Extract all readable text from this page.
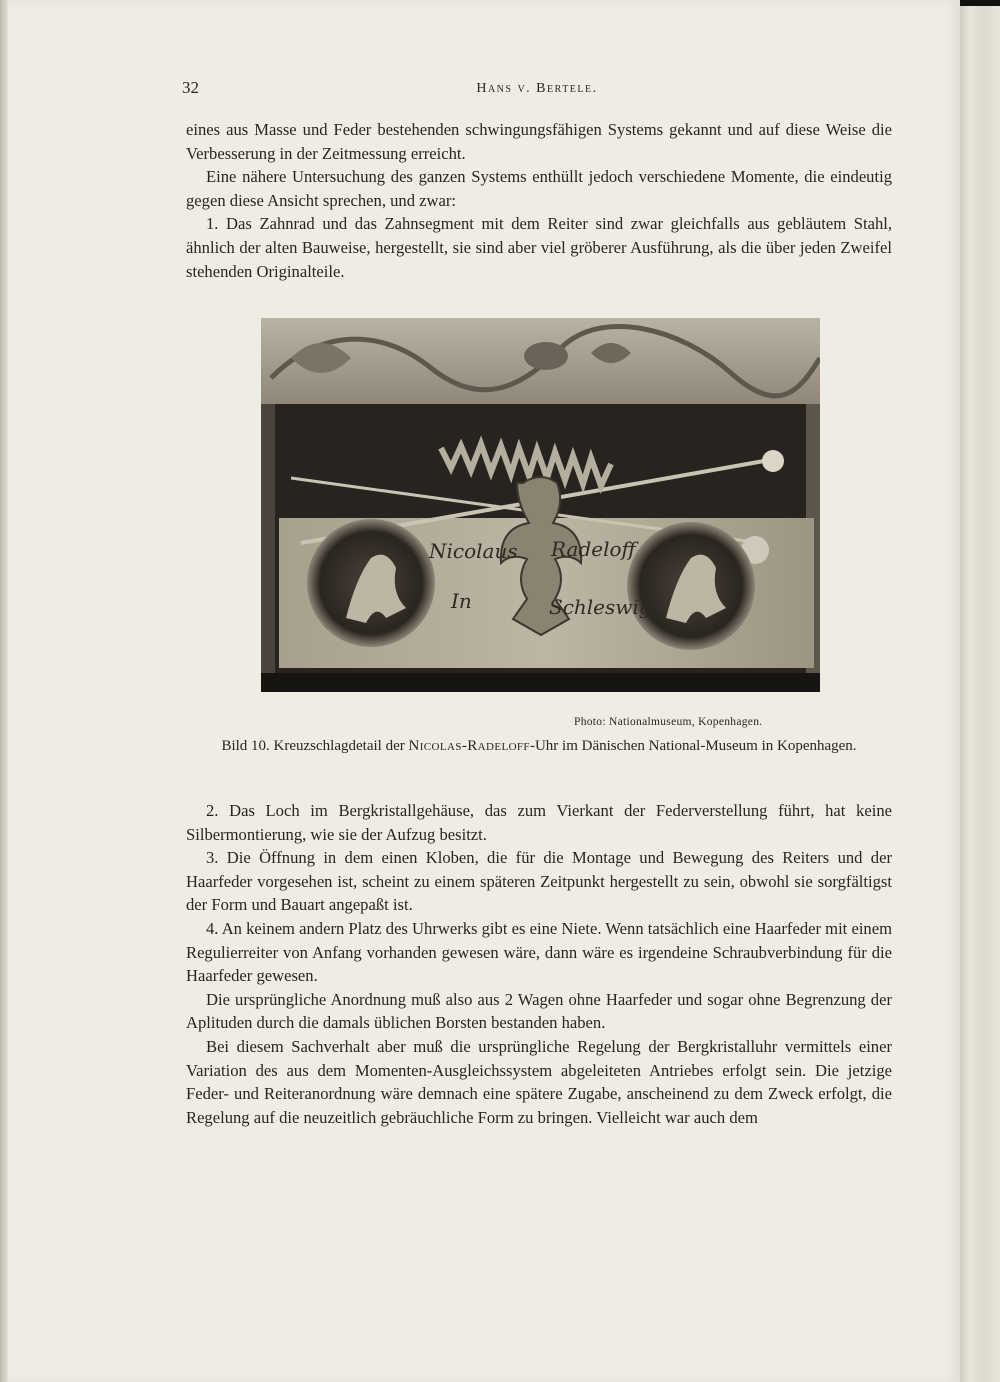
32	Hans v. Bertele.

eines aus Masse und Feder bestehenden schwingungsfähigen Systems gekannt und auf diese Weise die Verbesserung in der Zeitmessung erreicht.

Eine nähere Untersuchung des ganzen Systems enthüllt jedoch verschiedene Momente, die eindeutig gegen diese Ansicht sprechen, und zwar:

1. Das Zahnrad und das Zahnsegment mit dem Reiter sind zwar gleichfalls aus gebläutem Stahl, ähnlich der alten Bauweise, hergestellt, sie sind aber viel gröberer Ausführung, als die über jeden Zweifel stehenden Originalteile.

Nicolaus Radeloff
In	Schleswig
Photo: Nationalmuseum, Kopenhagen.
Bild 10. Kreuzschlagdetail der Nicolas-Radeloff-Uhr im Dänischen National-Museum in Kopenhagen.

2. Das Loch im Bergkristallgehäuse, das zum Vierkant der Federverstellung führt, hat keine Silbermontierung, wie sie der Aufzug besitzt.

3. Die Öffnung in dem einen Kloben, die für die Montage und Bewegung des Reiters und der Haarfeder vorgesehen ist, scheint zu einem späteren Zeitpunkt hergestellt zu sein, obwohl sie sorgfältigst der Form und Bauart angepaßt ist.

4. An keinem andern Platz des Uhrwerks gibt es eine Niete. Wenn tatsächlich eine Haarfeder mit einem Regulierreiter von Anfang vorhanden gewesen wäre, dann wäre es irgendeine Schraubverbindung für die Haarfeder gewesen.

Die ursprüngliche Anordnung muß also aus 2 Wagen ohne Haarfeder und sogar ohne Begrenzung der Aplituden durch die damals üblichen Borsten bestanden haben.

Bei diesem Sachverhalt aber muß die ursprüngliche Regelung der Bergkristalluhr vermittels einer Variation des aus dem Momenten-Ausgleichssystem abgeleiteten Antriebes erfolgt sein. Die jetzige Feder- und Reiteranordnung wäre demnach eine spätere Zugabe, anscheinend zu dem Zweck erfolgt, die Regelung auf die neuzeitlich gebräuchliche Form zu bringen. Vielleicht war auch dem
